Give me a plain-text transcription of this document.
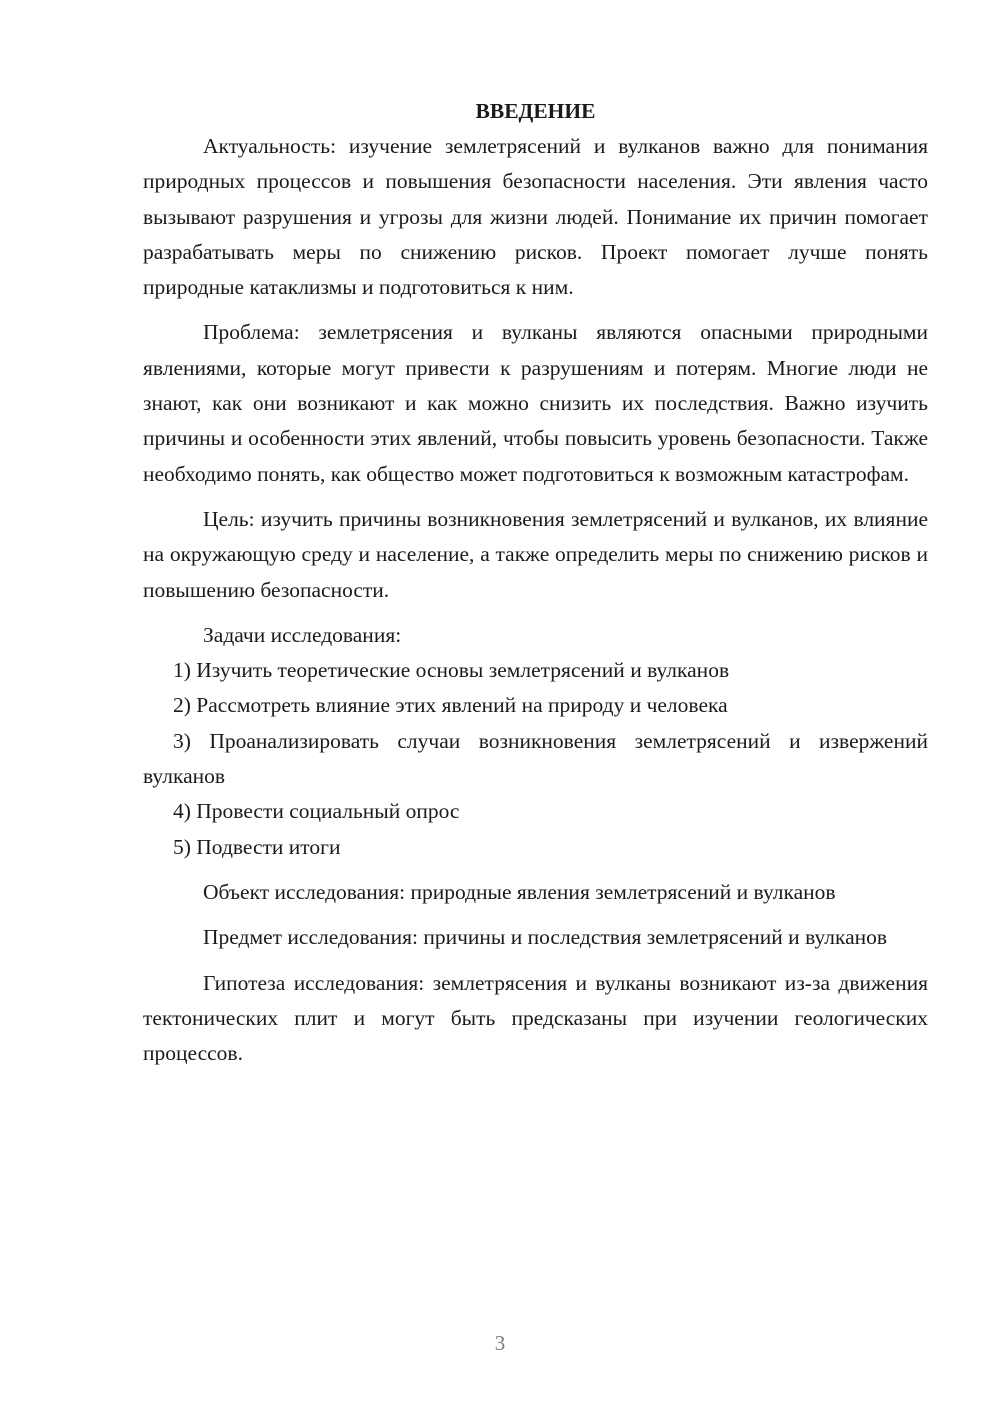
ВВЕДЕНИЕ

Актуальность: изучение землетрясений и вулканов важно для понимания природных процессов и повышения безопасности населения. Эти явления часто вызывают разрушения и угрозы для жизни людей. Понимание их причин помогает разрабатывать меры по снижению рисков. Проект помогает лучше понять природные катаклизмы и подготовиться к ним.

Проблема: землетрясения и вулканы являются опасными природными явлениями, которые могут привести к разрушениям и потерям. Многие люди не знают, как они возникают и как можно снизить их последствия. Важно изучить причины и особенности этих явлений, чтобы повысить уровень безопасности. Также необходимо понять, как общество может подготовиться к возможным катастрофам.

Цель: изучить причины возникновения землетрясений и вулканов, их влияние на окружающую среду и население, а также определить меры по снижению рисков и повышению безопасности.

Задачи исследования:

1) Изучить теоретические основы землетрясений и вулканов

2) Рассмотреть влияние этих явлений на природу и человека

3) Проанализировать случаи возникновения землетрясений и извержений вулканов

4) Провести социальный опрос

5) Подвести итоги

Объект исследования: природные явления землетрясений и вулканов

Предмет исследования: причины и последствия землетрясений и вулканов

Гипотеза исследования: землетрясения и вулканы возникают из-за движения тектонических плит и могут быть предсказаны при изучении геологических процессов.

3
